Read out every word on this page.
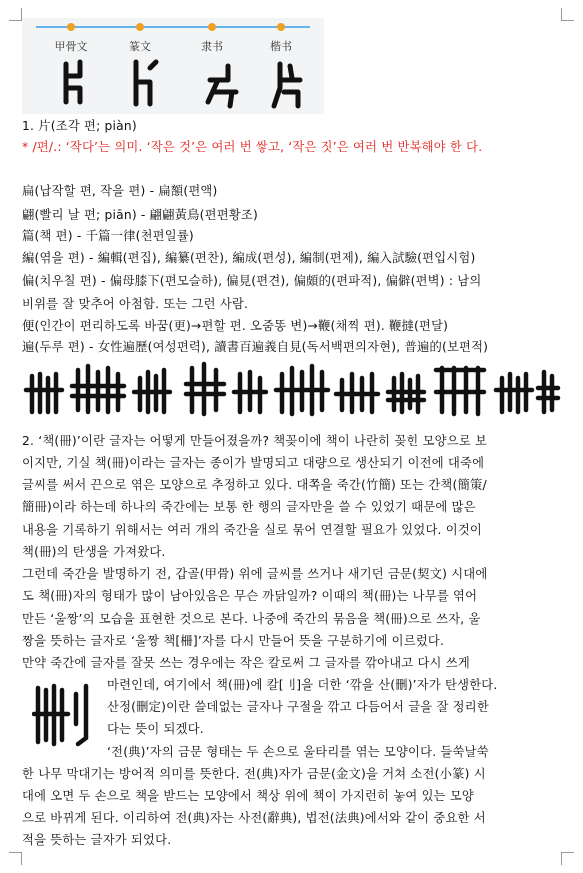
甲骨文	篆文	隶书	楷书
1. 片(조각 편; piàn)
* /편/.: ‘작다’는 의미. ‘작은 것’은 여러 번 쌓고, ‘작은 짓’은 여러 번 반복해야 한 다.
扁(납작할 편, 작을 편) - 扁額(편액)
翩(빨리 날 편; piān) - 翩翩黃鳥(편편황조)
篇(책 편) - 千篇一律(천편일률)
編(엮을 편) - 編輯(편집), 編纂(편찬), 編成(편성), 編制(편제), 編入試驗(편입시험)
偏(치우칠 편) - 偏母膝下(편모슬하), 偏見(편견), 偏頗的(편파적), 偏僻(편벽) : 남의
비위를 잘 맞추어 아첨함. 또는 그런 사람.
便(인간이 편리하도록 바꿈(更)→편할 편. 오줌똥 변)→鞭(채찍 편). 鞭撻(편달)
遍(두루 편) - 女性遍歷(여성편력), 讀書百遍義自見(독서백편의자현), 普遍的(보편적)
2. ‘책(冊)’이란 글자는 어떻게 만들어졌을까? 책꽂이에 책이 나란히 꽂힌 모양으로 보
이지만, 기실 책(冊)이라는 글자는 종이가 발명되고 대량으로 생산되기 이전에 대죽에
글씨를 써서 끈으로 엮은 모양으로 추정하고 있다. 대쪽을 죽간(竹簡) 또는 간책(簡策/
簡冊)이라 하는데 하나의 죽간에는 보통 한 행의 글자만을 쓸 수 있었기 때문에 많은
내용을 기록하기 위해서는 여러 개의 죽간을 실로 묶어 연결할 필요가 있었다. 이것이
책(冊)의 탄생을 가져왔다.
그런데 죽간을 발명하기 전, 갑골(甲骨) 위에 글씨를 쓰거나 새기던 금문(契文) 시대에
도 책(冊)자의 형태가 많이 남아있음은 무슨 까닭일까? 이때의 책(冊)는 나무를 엮어
만든 ‘울짱’의 모습을 표현한 것으로 본다. 나중에 죽간의 묶음을 책(冊)으로 쓰자, 울
짱을 뜻하는 글자로 ‘울짱 책[柵]’자를 다시 만들어 뜻을 구분하기에 이르렀다.
만약 죽간에 글자를 잘못 쓰는 경우에는 작은 칼로써 그 글자를 깎아내고 다시 쓰게
마련인데, 여기에서 책(冊)에 칼[刂]을 더한 ‘깎을 산(刪)’자가 탄생한다.
산정(刪定)이란 쓸데없는 글자나 구절을 깎고 다듬어서 글을 잘 정리한
다는 뜻이 되겠다.
‘전(典)’자의 금문 형태는 두 손으로 울타리를 엮는 모양이다. 들쑥날쑥
한 나무 막대기는 방어적 의미를 뜻한다. 전(典)자가 금문(金文)을 거쳐 소전(小篆) 시
대에 오면 두 손으로 책을 받드는 모양에서 책상 위에 책이 가지런히 놓여 있는 모양
으로 바뀌게 된다. 이리하여 전(典)자는 사전(辭典), 법전(法典)에서와 같이 중요한 서
적을 뜻하는 글자가 되었다.
